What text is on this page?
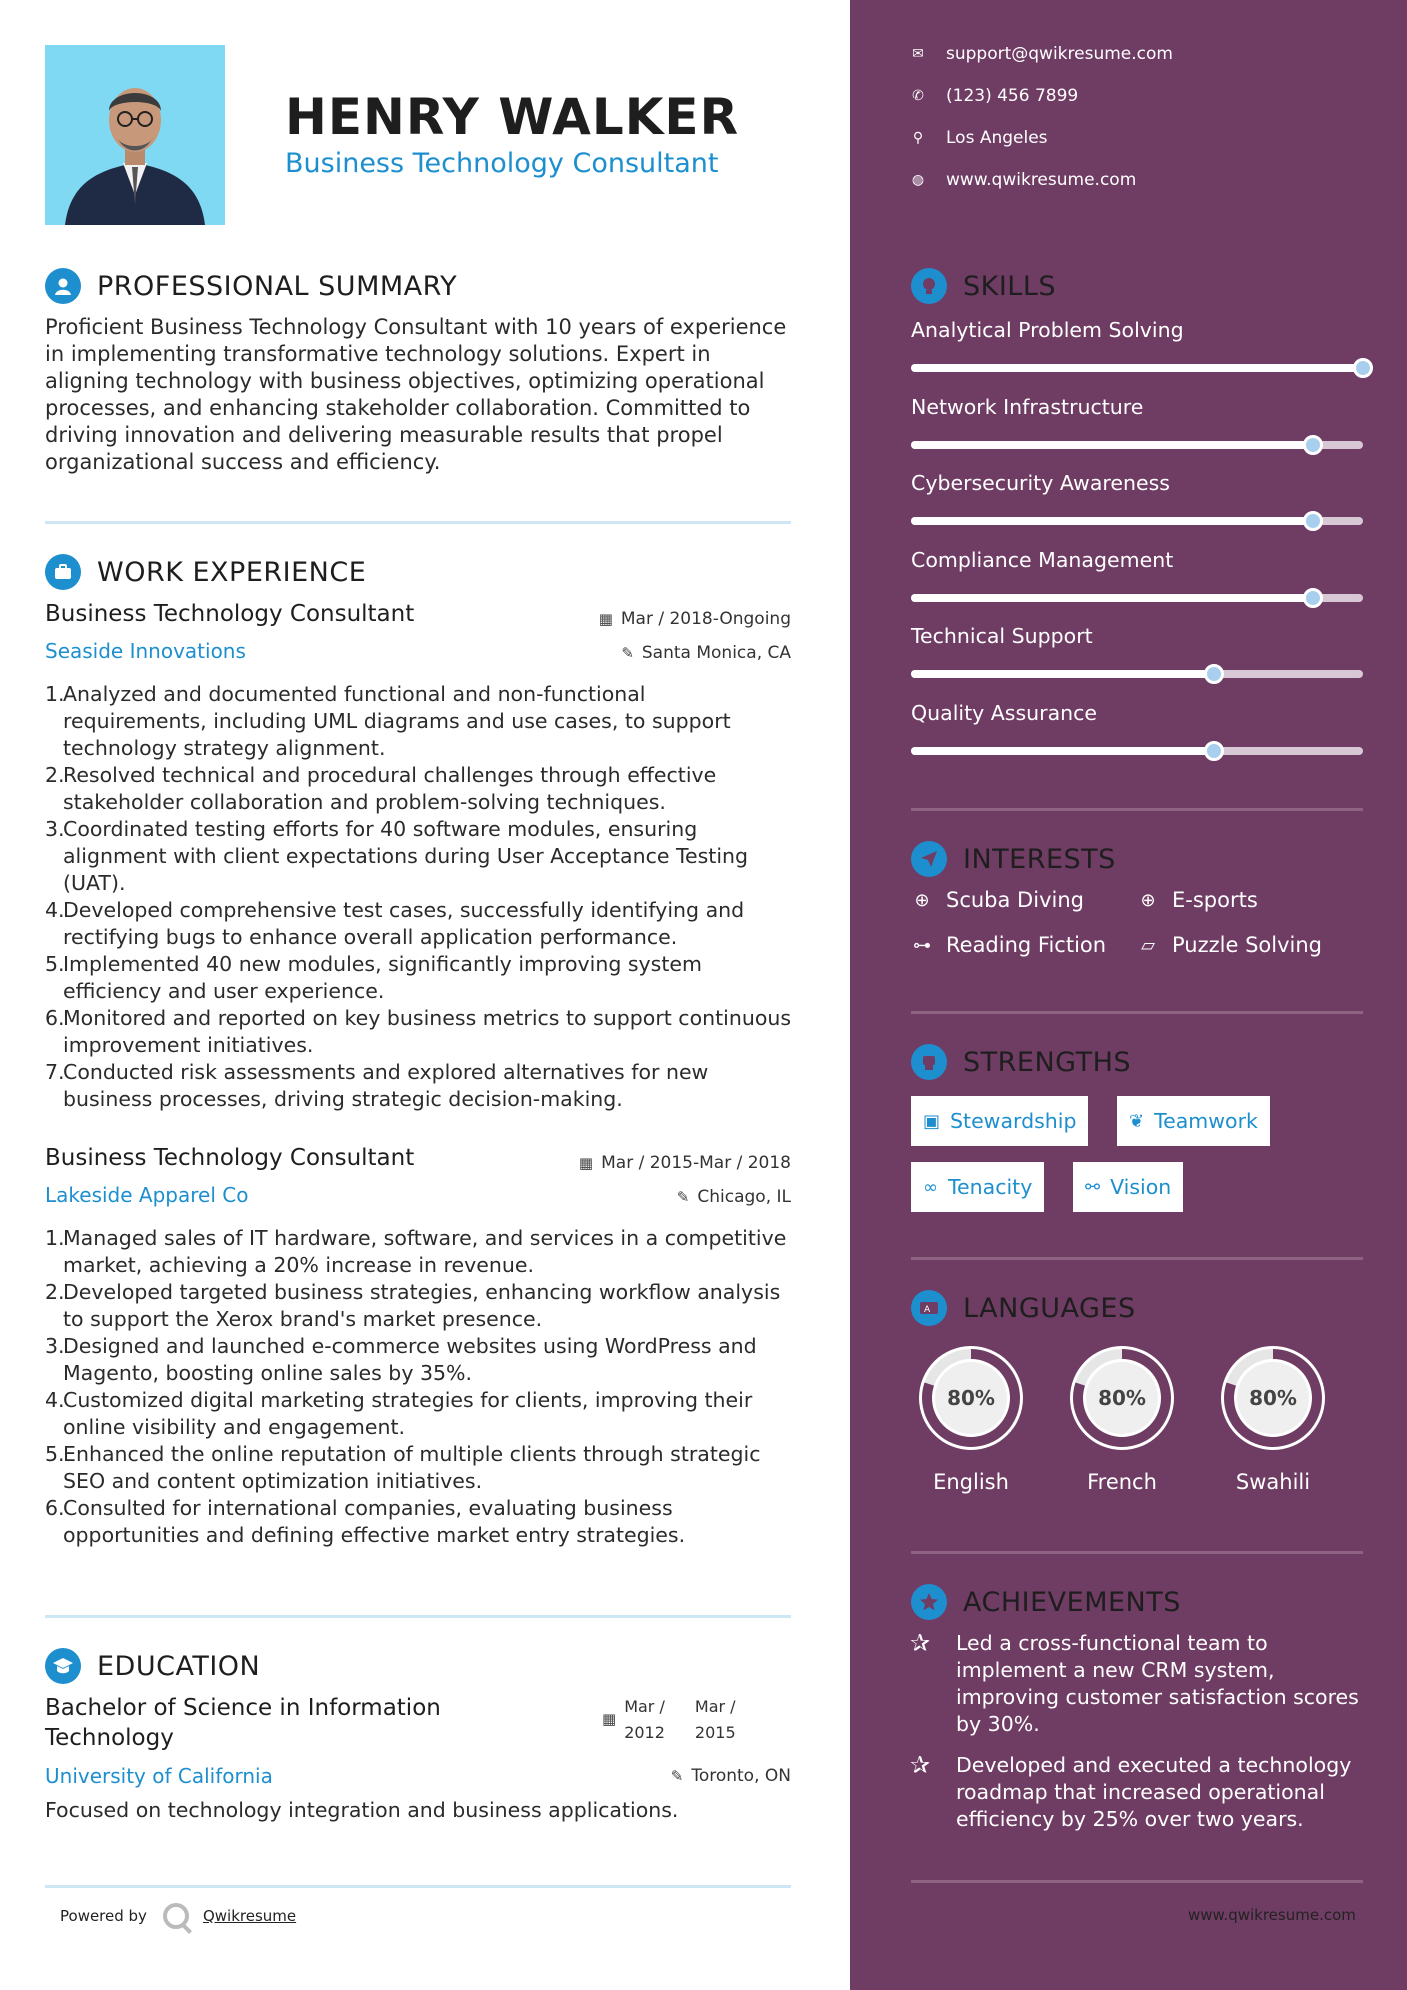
HENRY WALKER
Business Technology Consultant
PROFESSIONAL SUMMARY
Proficient Business Technology Consultant with 10 years of experience in implementing transformative technology solutions. Expert in aligning technology with business objectives, optimizing operational processes, and enhancing stakeholder collaboration. Committed to driving innovation and delivering measurable results that propel organizational success and efficiency.
WORK EXPERIENCE
Business Technology Consultant
Seaside Innovations
▦ Mar / 2018-Ongoing
✎ Santa Monica, CA
1.
Analyzed and documented functional and non-functional requirements, including UML diagrams and use cases, to support technology strategy alignment.
2.
Resolved technical and procedural challenges through effective stakeholder collaboration and problem-solving techniques.
3.
Coordinated testing efforts for 40 software modules, ensuring alignment with client expectations during User Acceptance Testing (UAT).
4.
Developed comprehensive test cases, successfully identifying and rectifying bugs to enhance overall application performance.
5.
Implemented 40 new modules, significantly improving system efficiency and user experience.
6.
Monitored and reported on key business metrics to support continuous improvement initiatives.
7.
Conducted risk assessments and explored alternatives for new business processes, driving strategic decision-making.
Business Technology Consultant
Lakeside Apparel Co
▦ Mar / 2015-Mar / 2018
✎ Chicago, IL
1.
Managed sales of IT hardware, software, and services in a competitive market, achieving a 20% increase in revenue.
2.
Developed targeted business strategies, enhancing workflow analysis to support the Xerox brand's market presence.
3.
Designed and launched e-commerce websites using WordPress and Magento, boosting online sales by 35%.
4.
Customized digital marketing strategies for clients, improving their online visibility and engagement.
5.
Enhanced the online reputation of multiple clients through strategic SEO and content optimization initiatives.
6.
Consulted for international companies, evaluating business opportunities and defining effective market entry strategies.
EDUCATION
Bachelor of Science in Information Technology
▦
Mar /
2012
Mar /
2015
University of California	✎ Toronto, ON
Focused on technology integration and business applications.
Powered by	Qwikresume
✉ support@qwikresume.com
✆ (123) 456 7899
⚲ Los Angeles
◍ www.qwikresume.com
SKILLS
Analytical Problem Solving
Network Infrastructure
Cybersecurity Awareness
Compliance Management
Technical Support
Quality Assurance
INTERESTS
⊕ Scuba Diving	⊕ E-sports
⊶ Reading Fiction ▱ Puzzle Solving
STRENGTHS
▣ Stewardship	❦ Teamwork
∞ Tenacity	⚯ Vision
A LANGUAGES
80%
English
80%
French
80%
Swahili
ACHIEVEMENTS
✰	Led a cross-functional team to implement a new CRM system, improving customer satisfaction scores by 30%.
✰	Developed and executed a technology roadmap that increased operational efficiency by 25% over two years.
www.qwikresume.com
